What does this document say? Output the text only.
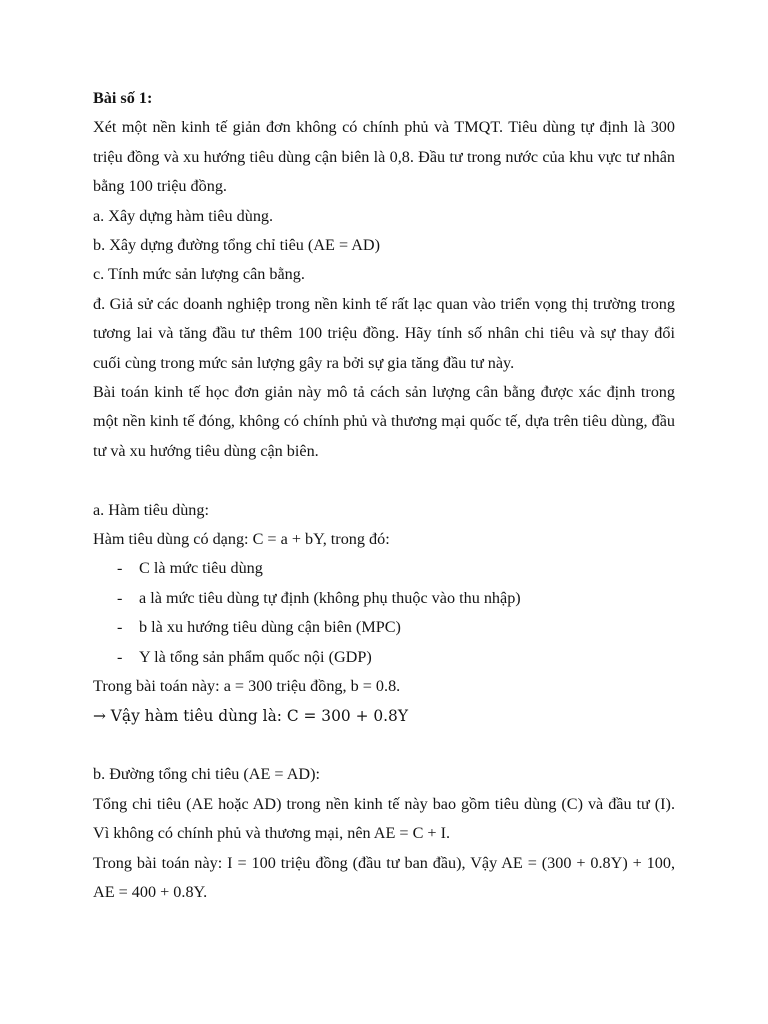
Bài số 1:

Xét một nền kinh tế giản đơn không có chính phủ và TMQT. Tiêu dùng tự định là 300 triệu đồng và xu hướng tiêu dùng cận biên là 0,8. Đầu tư trong nước của khu vực tư nhân bằng 100 triệu đồng.

a. Xây dựng hàm tiêu dùng.

b. Xây dựng đường tổng chỉ tiêu (AE = AD)

c. Tính mức sản lượng cân bằng.

đ. Giả sử các doanh nghiệp trong nền kinh tế rất lạc quan vào triển vọng thị trường trong tương lai và tăng đầu tư thêm 100 triệu đồng. Hãy tính số nhân chi tiêu và sự thay đổi cuối cùng trong mức sản lượng gây ra bởi sự gia tăng đầu tư này.

Bài toán kinh tế học đơn giản này mô tả cách sản lượng cân bằng được xác định trong một nền kinh tế đóng, không có chính phủ và thương mại quốc tế, dựa trên tiêu dùng, đầu tư và xu hướng tiêu dùng cận biên.

a. Hàm tiêu dùng:

Hàm tiêu dùng có dạng: C = a + bY, trong đó:

- C là mức tiêu dùng
- a là mức tiêu dùng tự định (không phụ thuộc vào thu nhập)
- b là xu hướng tiêu dùng cận biên (MPC)
- Y là tổng sản phẩm quốc nội (GDP)

Trong bài toán này: a = 300 triệu đồng, b = 0.8.

→ Vậy hàm tiêu dùng là: C = 300 + 0.8Y

b. Đường tổng chi tiêu (AE = AD):

Tổng chi tiêu (AE hoặc AD) trong nền kinh tế này bao gồm tiêu dùng (C) và đầu tư (I). Vì không có chính phủ và thương mại, nên AE = C + I.

Trong bài toán này: I = 100 triệu đồng (đầu tư ban đầu), Vậy AE = (300 + 0.8Y) + 100, AE = 400 + 0.8Y.
